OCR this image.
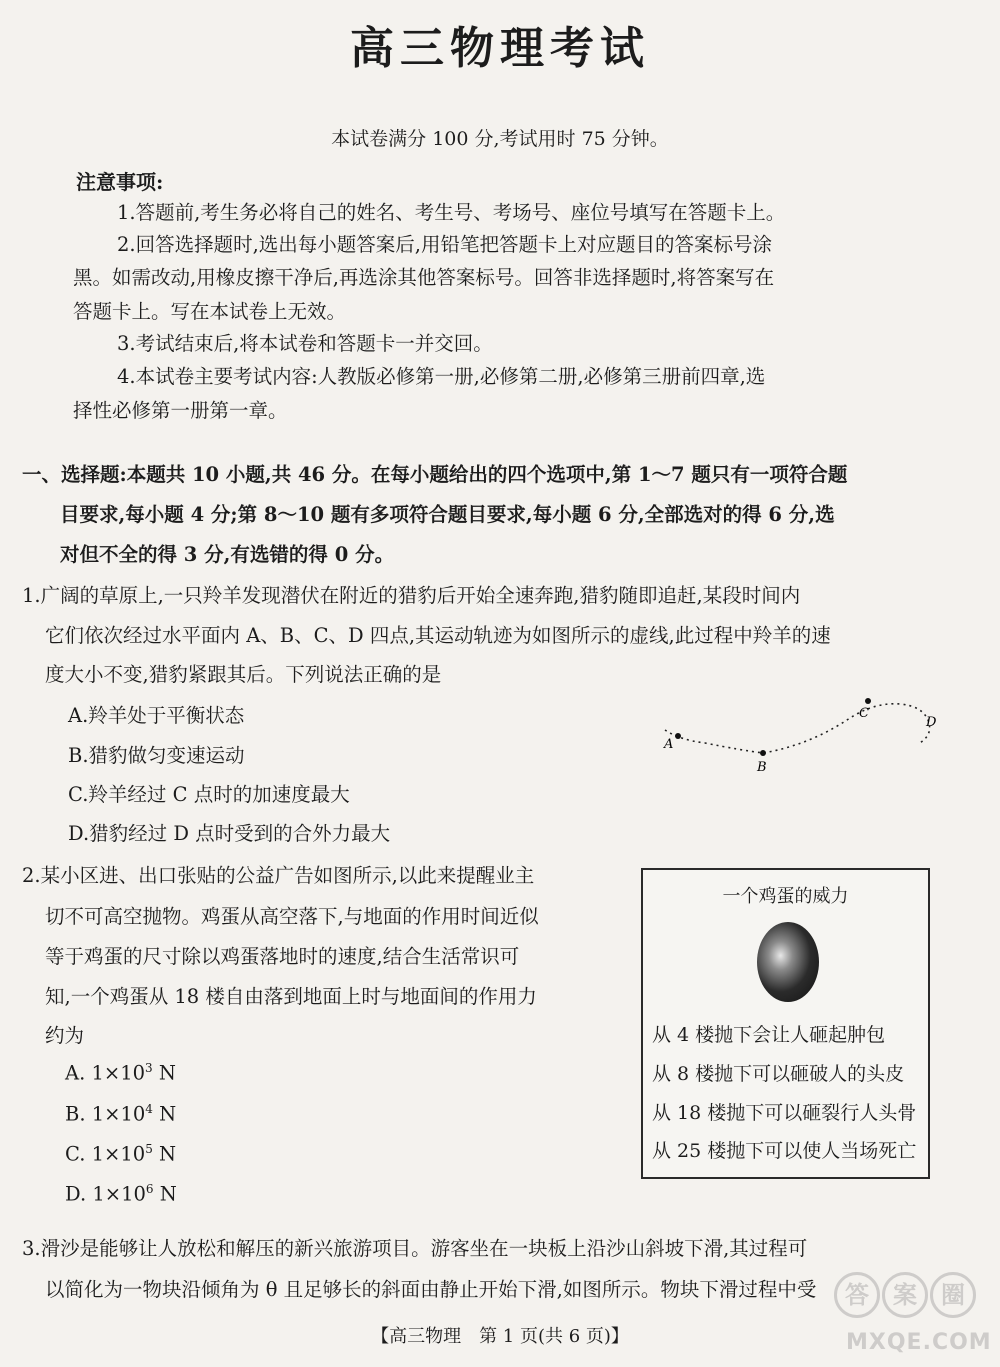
高三物理考试
本试卷满分 100 分,考试用时 75 分钟。
注意事项:
1.答题前,考生务必将自己的姓名、考生号、考场号、座位号填写在答题卡上。
2.回答选择题时,选出每小题答案后,用铅笔把答题卡上对应题目的答案标号涂
黑。如需改动,用橡皮擦干净后,再选涂其他答案标号。回答非选择题时,将答案写在
答题卡上。写在本试卷上无效。
3.考试结束后,将本试卷和答题卡一并交回。
4.本试卷主要考试内容:人教版必修第一册,必修第二册,必修第三册前四章,选
择性必修第一册第一章。
一、选择题:本题共 10 小题,共 46 分。在每小题给出的四个选项中,第 1～7 题只有一项符合题
目要求,每小题 4 分;第 8～10 题有多项符合题目要求,每小题 6 分,全部选对的得 6 分,选
对但不全的得 3 分,有选错的得 0 分。
1.广阔的草原上,一只羚羊发现潜伏在附近的猎豹后开始全速奔跑,猎豹随即追赶,某段时间内
它们依次经过水平面内 A、B、C、D 四点,其运动轨迹为如图所示的虚线,此过程中羚羊的速
度大小不变,猎豹紧跟其后。下列说法正确的是
A.羚羊处于平衡状态
B.猎豹做匀变速运动
C.羚羊经过 C 点时的加速度最大
D.猎豹经过 D 点时受到的合外力最大
A
B
C
D
2.某小区进、出口张贴的公益广告如图所示,以此来提醒业主
切不可高空抛物。鸡蛋从高空落下,与地面的作用时间近似
等于鸡蛋的尺寸除以鸡蛋落地时的速度,结合生活常识可
知,一个鸡蛋从 18 楼自由落到地面上时与地面间的作用力
约为
A. $1\times 10^3$ N
B. $1\times 10^4$ N
C. $1\times 10^5$ N
D. $1\times 10^6$ N
一个鸡蛋的威力
从 4 楼抛下会让人砸起肿包
从 8 楼抛下可以砸破人的头皮
从 18 楼抛下可以砸裂行人头骨
从 25 楼抛下可以使人当场死亡
3.滑沙是能够让人放松和解压的新兴旅游项目。游客坐在一块板上沿沙山斜坡下滑,其过程可
以简化为一物块沿倾角为 θ 且足够长的斜面由静止开始下滑,如图所示。物块下滑过程中受
【高三物理　第 1 页(共 6 页)】
答	案	圈
MXQE.COM
